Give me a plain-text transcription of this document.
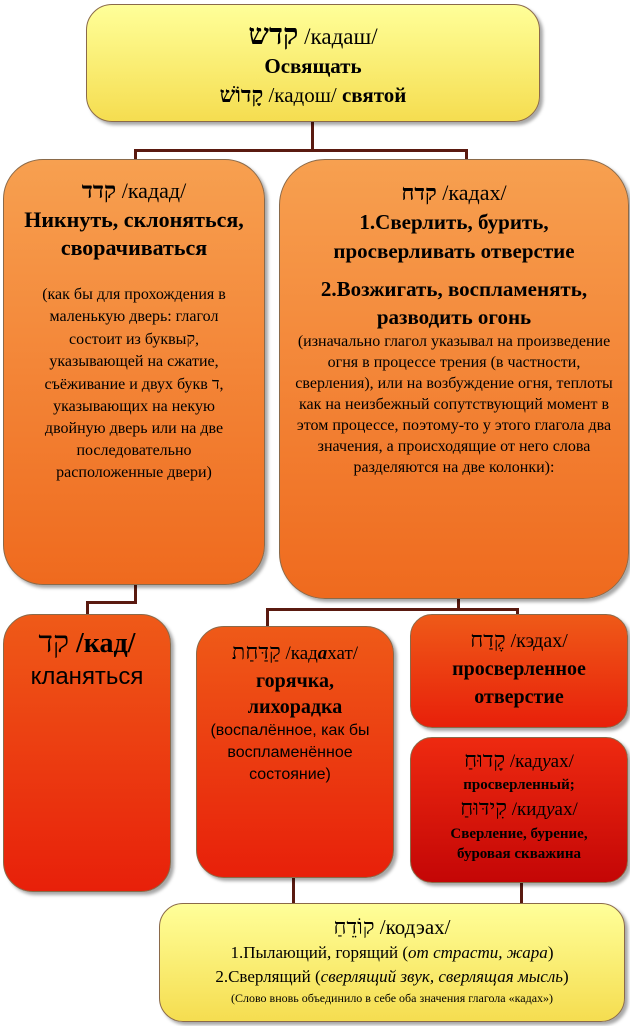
קדש /кадаш/

Освящать

קָדוֹשׁ /кадош/ святой

קדד /кадад/

Никнуть, склоняться, сворачиваться

(как бы для прохождения в маленькую дверь: глагол состоит из буквыק, указывающей на сжатие, съёживание и двух букв ד, указывающих на некую двойную дверь или на две последовательно расположенные двери)

קדח /кадах/

1.Сверлить, бурить, просверливать отверстие

2.Возжигать, воспламенять, разводить огонь

(изначально глагол указывал на произведение огня в процессе трения (в частности, сверления), или на возбуждение огня, теплоты как на неизбежный сопутствующий момент в этом процессе, поэтому-то у этого глагола два значения, а происходящие от него слова разделяются на две колонки):

קד /кад/

кланяться

קַדַּחַת /кадахат/

горячка, лихорадка

(воспалённое, как бы воспламенённое состояние)

קֶדַח /кэдах/

просверленное отверстие

קָדוּחַ /кадуах/

просверленный;

קִידּוּחַ /кидуах/

Сверление, бурение, буровая скважина

קוֹדֵחַ /кодэах/

1.Пылающий, горящий (от страсти, жара)

2.Сверлящий (сверлящий звук, сверлящая мысль)

(Слово вновь объединило в себе оба значения глагола «кадах»)
